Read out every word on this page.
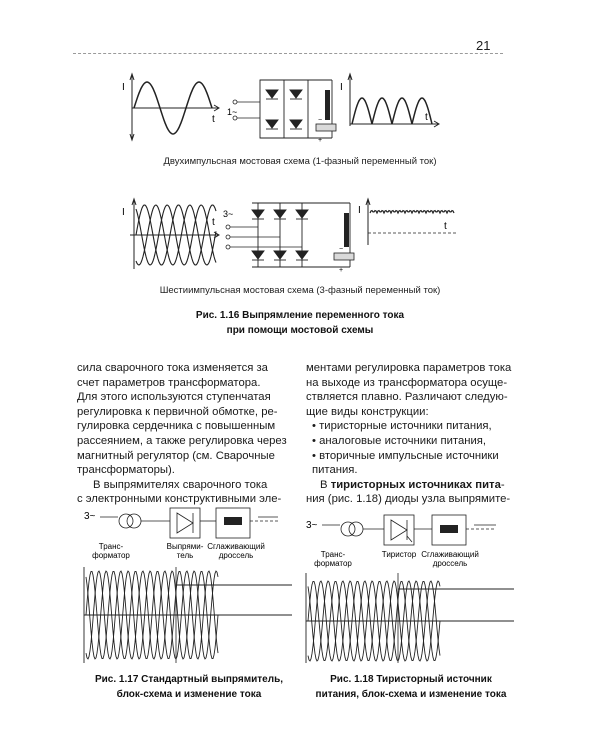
21
I
t
1~
−
+
I
t
Двухимпульсная мостовая схема (1-фазный переменный ток)
I
t
3~
−
+
I
t
Шестиимпульсная мостовая схема (3-фазный переменный ток)
Рис. 1.16 Выпрямление переменного тока
при помощи мостовой схемы
сила сварочного тока изменяется за
счет параметров трансформатора.
Для этого используются ступенчатая
регулировка к первичной обмотке, ре-
гулировка сердечника с повышенным
рассеянием, а также регулировка через
магнитный регулятор (см. Сварочные
трансформаторы).
В выпрямителях сварочного тока
с электронными конструктивными эле-
ментами регулировка параметров тока
на выходе из трансформатора осуще-
ствляется плавно. Различают следую-
щие виды конструкции:
• тиристорные источники питания,
• аналоговые источники питания,
• вторичные импульсные источники
питания.
В тиристорных источниках пита-
ния (рис. 1.18) диоды узла выпрямите-
3~
Транс-
форматор
Выпрями-
тель
Сглаживающий
дроссель
Рис. 1.17 Стандартный выпрямитель,
блок-схема и изменение тока
3~
Транс-
форматор
Тиристор Сглаживающий
дроссель
Рис. 1.18 Тиристорный источник
питания, блок-схема и изменение тока
